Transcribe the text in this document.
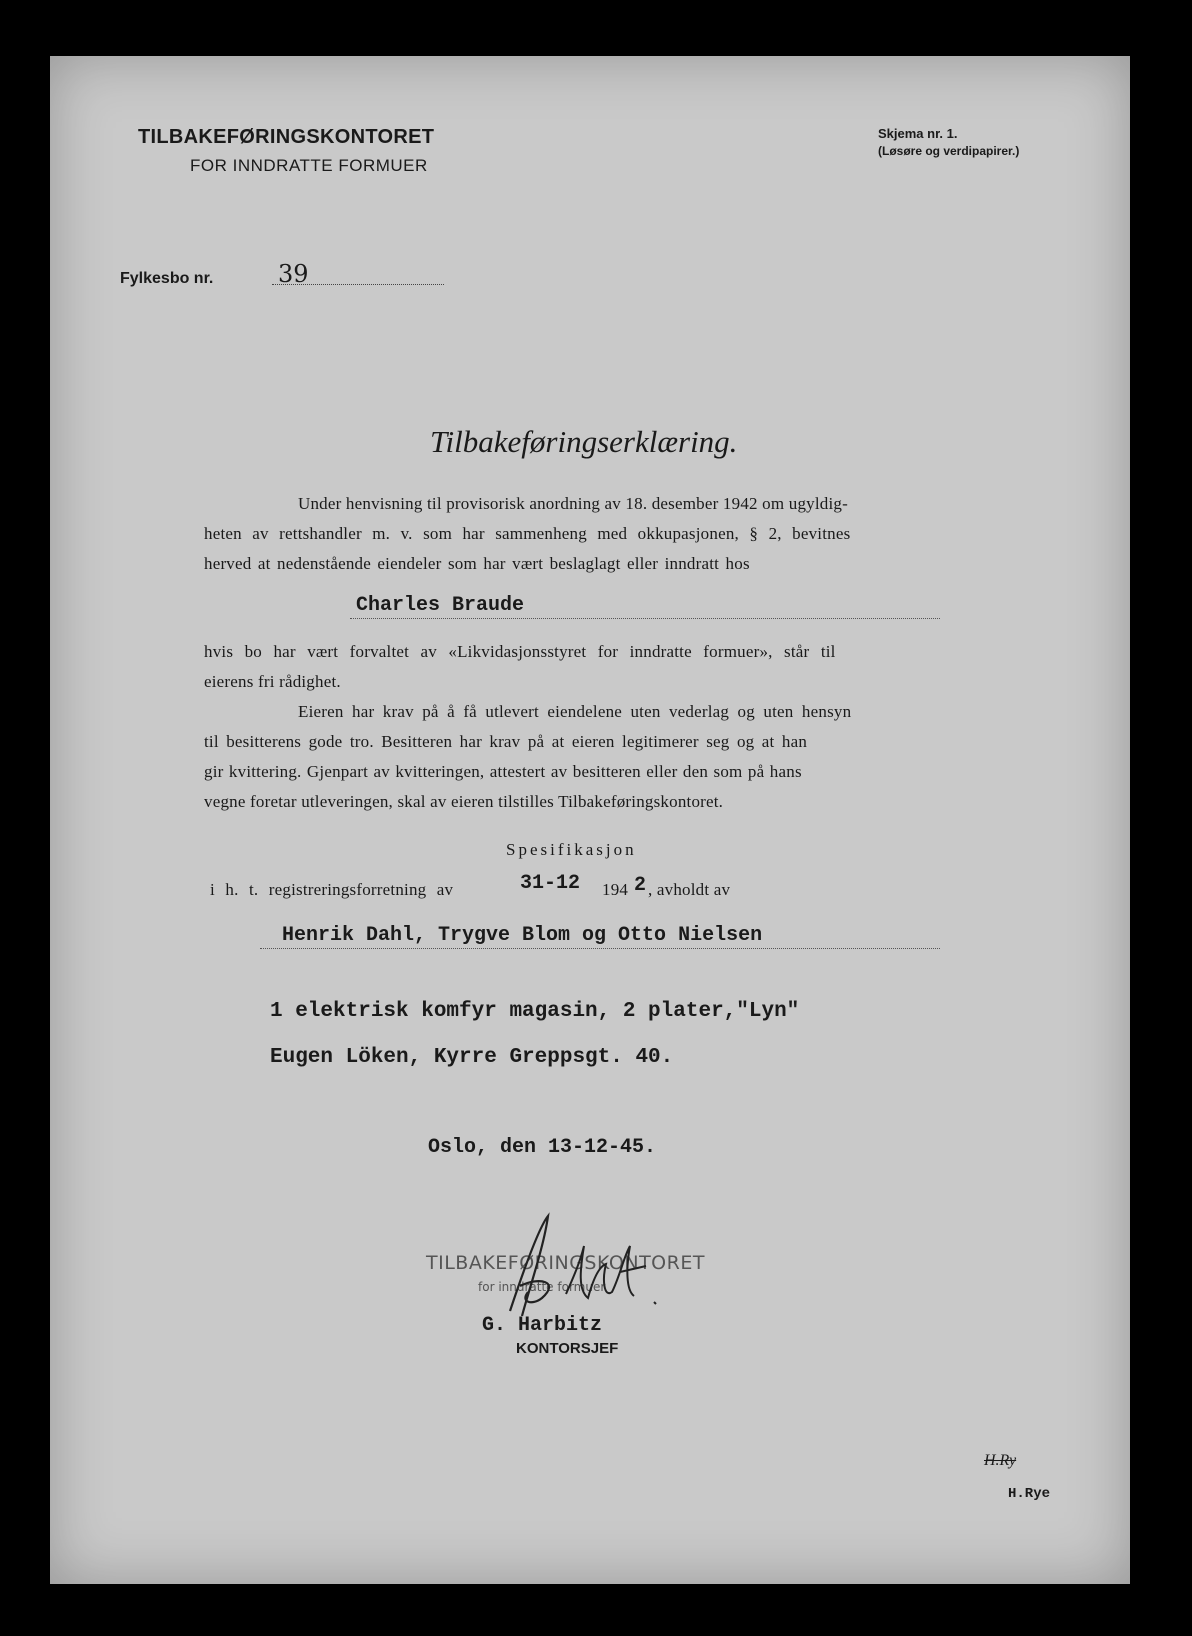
TILBAKEFØRINGSKONTORET
FOR INNDRATTE FORMUER
Skjema nr. 1.
(Løsøre og verdipapirer.)
Fylkesbo nr.	39
Tilbakeføringserklæring.
Under henvisning til provisorisk anordning av 18. desember 1942 om ugyldig-
heten av rettshandler m. v. som har sammenheng med okkupasjonen, § 2, bevitnes
herved at nedenstående eiendeler som har vært beslaglagt eller inndratt hos
Charles Braude
hvis bo har vært forvaltet av «Likvidasjonsstyret for inndratte formuer», står til
eierens fri rådighet.
Eieren har krav på å få utlevert eiendelene uten vederlag og uten hensyn
til besitterens gode tro. Besitteren har krav på at eieren legitimerer seg og at han
gir kvittering. Gjenpart av kvitteringen, attestert av besitteren eller den som på hans
vegne foretar utleveringen, skal av eieren tilstilles Tilbakeføringskontoret.
Spesifikasjon
i h. t. registreringsforretning av	31-12 194 2 , avholdt av
Henrik Dahl, Trygve Blom og Otto Nielsen
1 elektrisk komfyr magasin, 2 plater,"Lyn"
Eugen Löken, Kyrre Greppsgt. 40.
Oslo, den 13-12-45.
TILBAKEFØRINGSKONTORET
for inndratte formuer
G. Harbitz
KONTORSJEF
H.Ry
H.Rye
